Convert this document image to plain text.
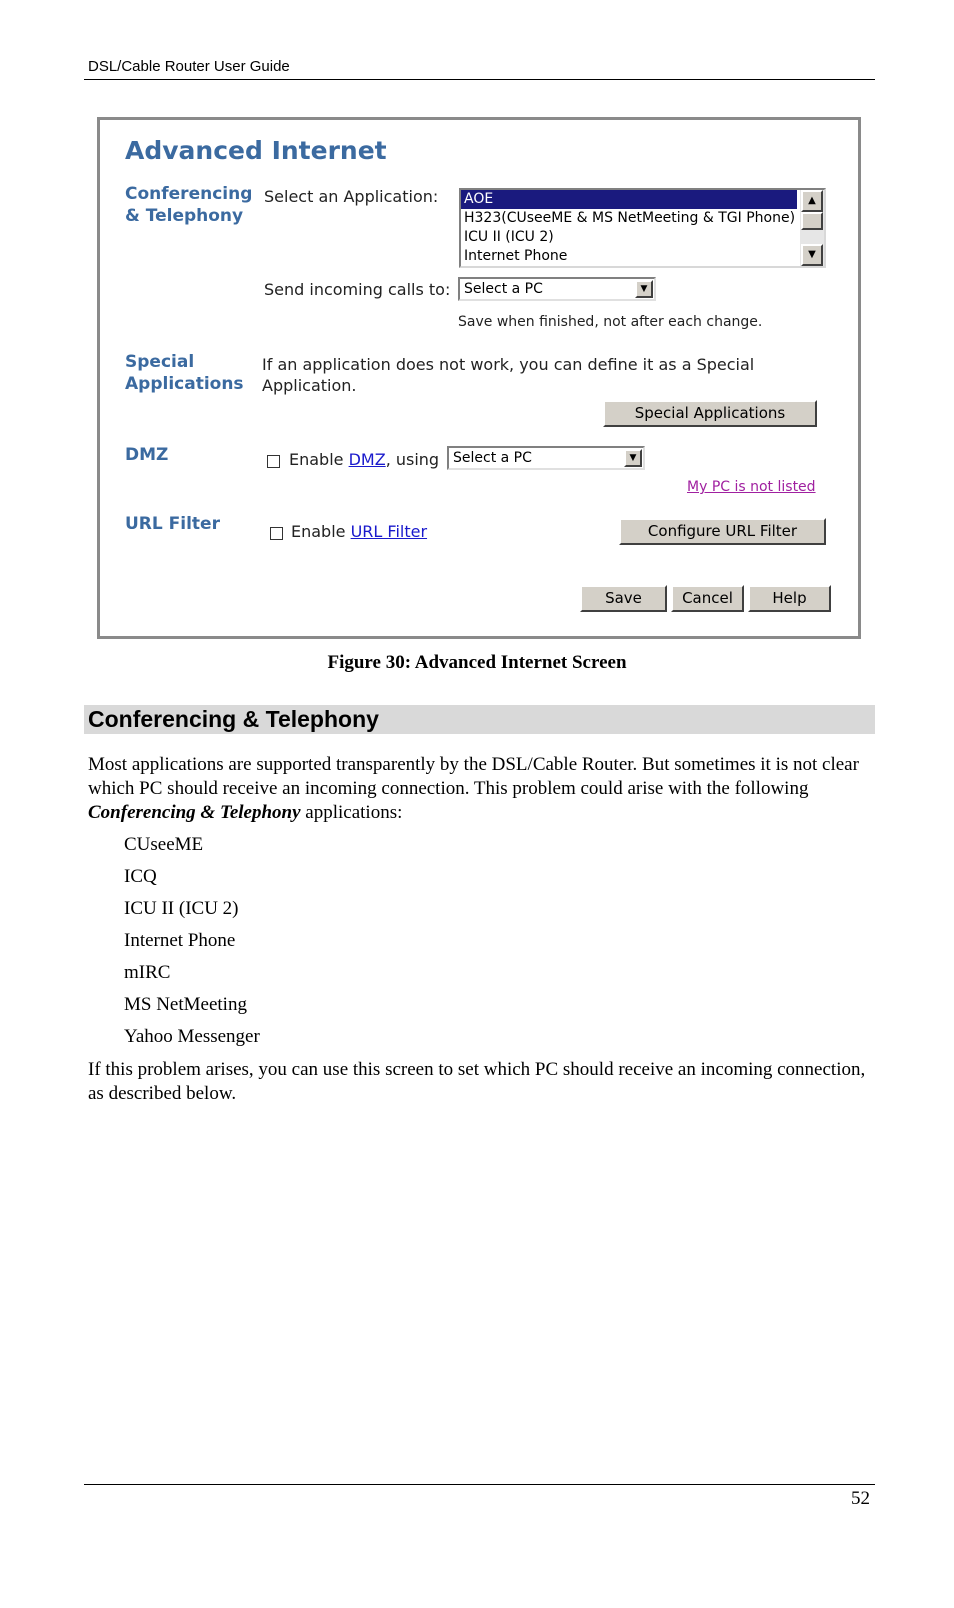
DSL/Cable Router User Guide
Advanced Internet
Conferencing
& Telephony
Select an Application: AOE
H323(CUseeME & MS NetMeeting & TGI Phone)
ICU II (ICU 2)
Internet Phone
▲
▼
Send incoming calls to: Select a PC	▼
Save when finished, not after each change.
Special
Applications
If an application does not work, you can define it as a Special
Application.
Special Applications
DMZ	Enable DMZ, using Select a PC	▼
My PC is not listed
URL Filter	Enable URL Filter	Configure URL Filter
Save	Cancel	Help
Figure 30: Advanced Internet Screen
Conferencing & Telephony

Most applications are supported transparently by the DSL/Cable Router. But sometimes it is not clear which PC should receive an incoming connection. This problem could arise with the following Conferencing & Telephony applications:

CUseeME
ICQ
ICU II (ICU 2)
Internet Phone
mIRC
MS NetMeeting
Yahoo Messenger

If this problem arises, you can use this screen to set which PC should receive an incoming connection, as described below.

52
